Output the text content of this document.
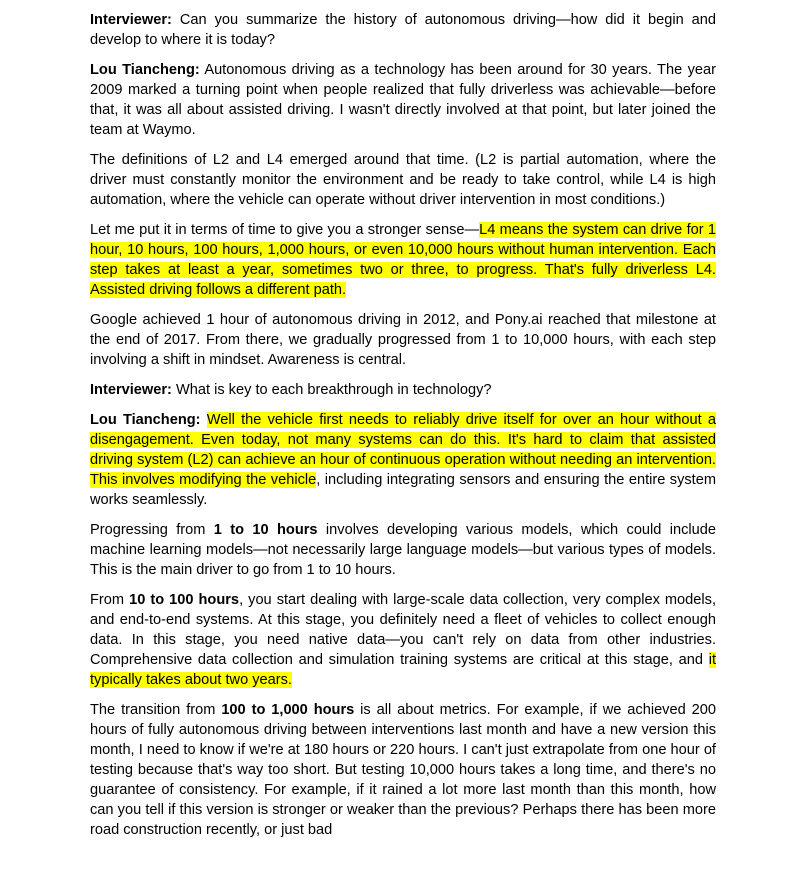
Interviewer: Can you summarize the history of autonomous driving—how did it begin and develop to where it is today?

Lou Tiancheng: Autonomous driving as a technology has been around for 30 years. The year 2009 marked a turning point when people realized that fully driverless was achievable—before that, it was all about assisted driving. I wasn't directly involved at that point, but later joined the team at Waymo.

The definitions of L2 and L4 emerged around that time. (L2 is partial automation, where the driver must constantly monitor the environment and be ready to take control, while L4 is high automation, where the vehicle can operate without driver intervention in most conditions.)

Let me put it in terms of time to give you a stronger sense—L4 means the system can drive for 1 hour, 10 hours, 100 hours, 1,000 hours, or even 10,000 hours without human intervention. Each step takes at least a year, sometimes two or three, to progress. That's fully driverless L4. Assisted driving follows a different path.

Google achieved 1 hour of autonomous driving in 2012, and Pony.ai reached that milestone at the end of 2017. From there, we gradually progressed from 1 to 10,000 hours, with each step involving a shift in mindset. Awareness is central.

Interviewer: What is key to each breakthrough in technology?

Lou Tiancheng: Well the vehicle first needs to reliably drive itself for over an hour without a disengagement. Even today, not many systems can do this. It's hard to claim that assisted driving system (L2) can achieve an hour of continuous operation without needing an intervention. This involves modifying the vehicle, including integrating sensors and ensuring the entire system works seamlessly.

Progressing from 1 to 10 hours involves developing various models, which could include machine learning models—not necessarily large language models—but various types of models. This is the main driver to go from 1 to 10 hours.

From 10 to 100 hours, you start dealing with large-scale data collection, very complex models, and end-to-end systems. At this stage, you definitely need a fleet of vehicles to collect enough data. In this stage, you need native data—you can't rely on data from other industries. Comprehensive data collection and simulation training systems are critical at this stage, and it typically takes about two years.

The transition from 100 to 1,000 hours is all about metrics. For example, if we achieved 200 hours of fully autonomous driving between interventions last month and have a new version this month, I need to know if we're at 180 hours or 220 hours. I can't just extrapolate from one hour of testing because that's way too short. But testing 10,000 hours takes a long time, and there's no guarantee of consistency. For example, if it rained a lot more last month than this month, how can you tell if this version is stronger or weaker than the previous? Perhaps there has been more road construction recently, or just bad
